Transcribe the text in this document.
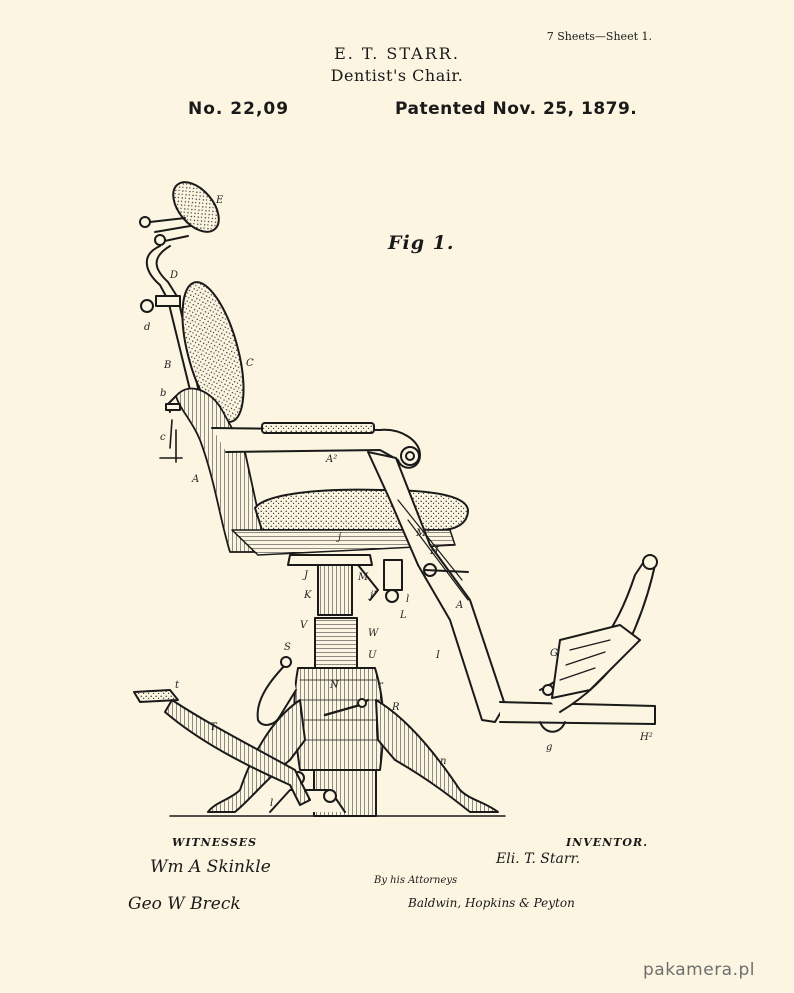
7 Sheets—Sheet 1.
E. T. STARR.
Dentist's Chair.
No. 22,09	Patented Nov. 25, 1879.
Fig 1.
E
D
d
B	C
b
c
A
A²
j	M¹
H
J	M
K	j¹	l
L
V
W
S
U
A
I	G
t	r
R
N
T
n
l
g
H²
WITNESSES	INVENTOR.
Eli. T. Starr.
Wm A Skinkle
By his Attorneys
Geo W Breck	Baldwin, Hopkins & Peyton
pakamera.pl
